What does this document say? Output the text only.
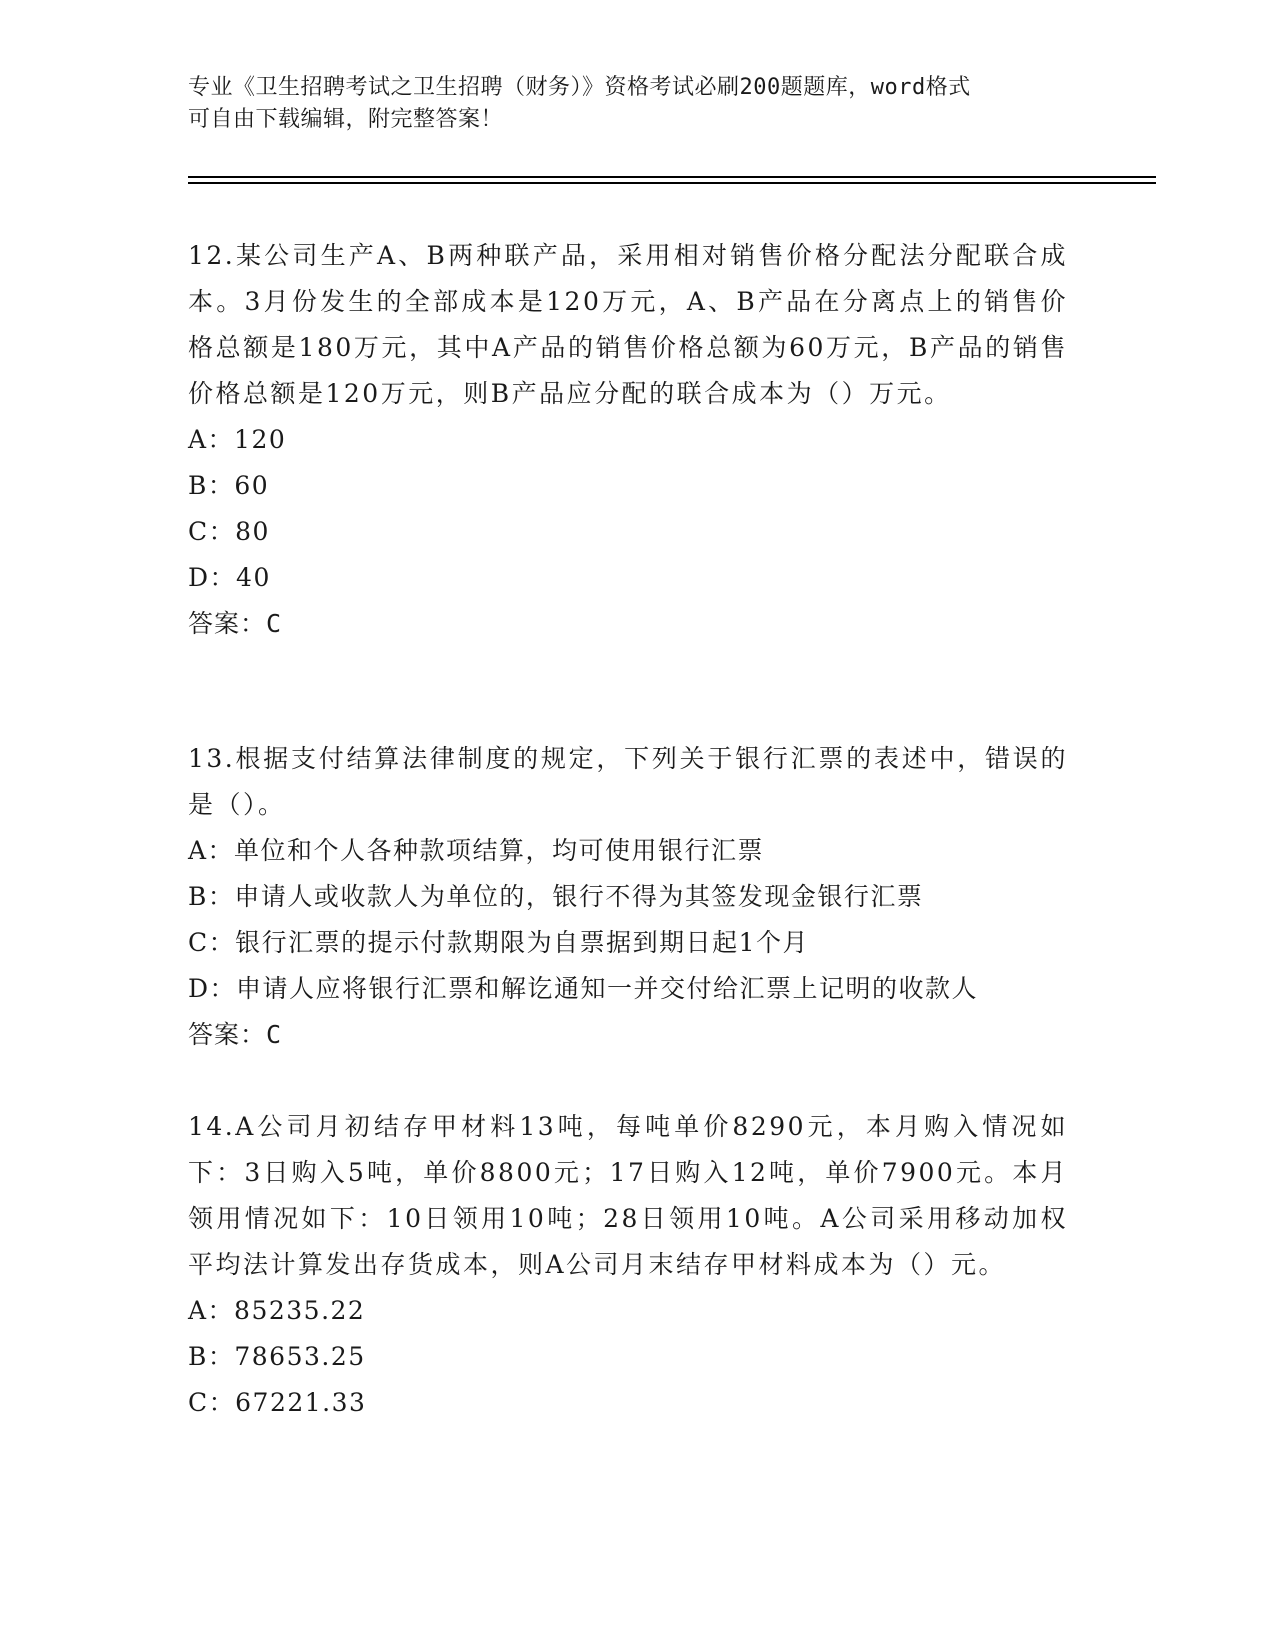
专业《卫生招聘考试之卫生招聘（财务）》资格考试必刷200题题库，word格式
可自由下载编辑，附完整答案！
12.某公司生产A、B两种联产品，采用相对销售价格分配法分配联合成本。3月份发生的全部成本是120万元，A、B产品在分离点上的销售价格总额是180万元，其中A产品的销售价格总额为60万元，B产品的销售价格总额是120万元，则B产品应分配的联合成本为（）万元。
A：120
B：60
C：80
D：40
答案：C
13.根据支付结算法律制度的规定，下列关于银行汇票的表述中，错误的是（）。
A：单位和个人各种款项结算，均可使用银行汇票
B：申请人或收款人为单位的，银行不得为其签发现金银行汇票
C：银行汇票的提示付款期限为自票据到期日起1个月
D：申请人应将银行汇票和解讫通知一并交付给汇票上记明的收款人
答案：C
14.A公司月初结存甲材料13吨，每吨单价8290元，本月购入情况如下：3日购入5吨，单价8800元；17日购入12吨，单价7900元。本月领用情况如下：10日领用10吨；28日领用10吨。A公司采用移动加权平均法计算发出存货成本，则A公司月末结存甲材料成本为（）元。
A：85235.22
B：78653.25
C：67221.33
